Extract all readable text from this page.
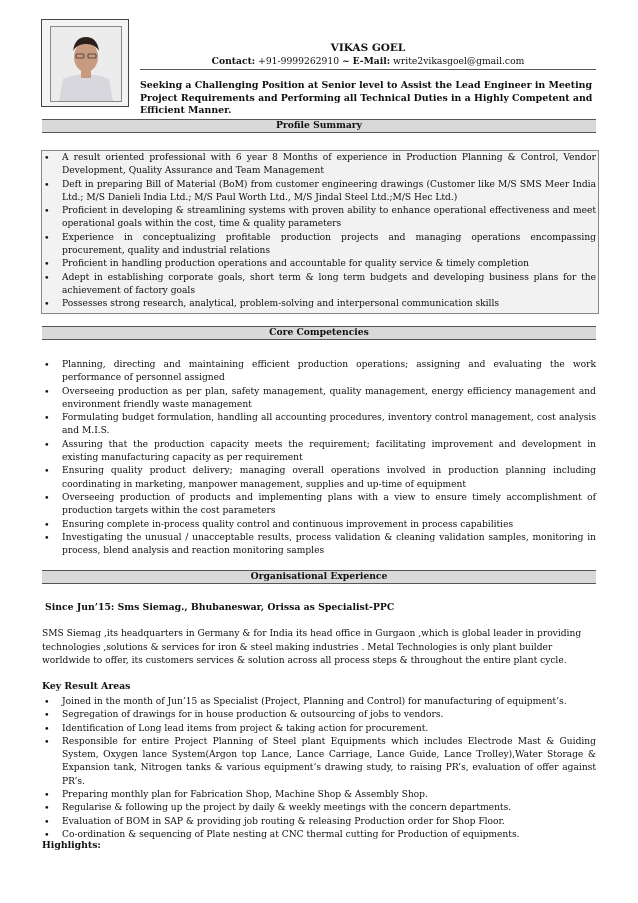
VIKAS GOEL
Contact: +91-9999262910 ~ E-Mail: write2vikasgoel@gmail.com
Seeking a Challenging Position at Senior level to Assist the Lead Engineer in Meeting Project Requirements and Performing all Technical Duties in a Highly Competent and Efficient Manner.
Profile Summary
• A result oriented professional with 6 year 8 Months of experience in Production Planning & Control, Vendor Development, Quality Assurance and Team Management
• Deft in preparing Bill of Material (BoM) from customer engineering drawings (Customer like M/S SMS Meer India Ltd.; M/S Danieli India Ltd.; M/S Paul Worth Ltd., M/S Jindal Steel Ltd.;M/S Hec Ltd.)
• Proficient in developing & streamlining systems with proven ability to enhance operational effectiveness and meet operational goals within the cost, time & quality parameters
• Experience in conceptualizing profitable production projects and managing operations encompassing procurement, quality and industrial relations
• Proficient in handling production operations and accountable for quality service & timely completion
• Adept in establishing corporate goals, short term & long term budgets and developing business plans for the achievement of factory goals
• Possesses strong research, analytical, problem-solving and interpersonal communication skills
Core Competencies
• Planning, directing and maintaining efficient production operations; assigning and evaluating the work performance of personnel assigned
• Overseeing production as per plan, safety management, quality management, energy efficiency management and environment friendly waste management
• Formulating budget formulation, handling all accounting procedures, inventory control management, cost analysis and M.I.S.
• Assuring that the production capacity meets the requirement; facilitating improvement and development in existing manufacturing capacity as per requirement
• Ensuring quality product delivery; managing overall operations involved in production planning including coordinating in marketing, manpower management, supplies and up-time of equipment
• Overseeing production of products and implementing plans with a view to ensure timely accomplishment of production targets within the cost parameters
• Ensuring complete in-process quality control and continuous improvement in process capabilities
• Investigating the unusual / unacceptable results, process validation & cleaning validation samples, monitoring in process, blend analysis and reaction monitoring samples
Organisational Experience
Since Jun’15: Sms Siemag., Bhubaneswar, Orissa as Specialist-PPC
SMS Siemag ,its headquarters in Germany & for India its head office in Gurgaon ,which is global leader in providing technologies ,solutions & services for iron & steel making industries . Metal Technologies is only plant builder worldwide to offer, its customers services & solution across all process steps & throughout the entire plant cycle.
Key Result Areas
• Joined in the month of Jun’15 as Specialist (Project, Planning and Control) for manufacturing of equipment’s.
• Segregation of drawings for in house production & outsourcing of jobs to vendors.
• Identification of Long lead items from project & taking action for procurement.
• Responsible for entire Project Planning of Steel plant Equipments which includes Electrode Mast & Guiding System, Oxygen lance System(Argon top Lance, Lance Carriage, Lance Guide, Lance Trolley),Water Storage & Expansion tank, Nitrogen tanks & various equipment’s drawing study, to raising PR’s, evaluation of offer against PR’s.
• Preparing monthly plan for Fabrication Shop, Machine Shop & Assembly Shop.
• Regularise & following up the project by daily & weekly meetings with the concern departments.
• Evaluation of BOM in SAP & providing job routing & releasing Production order for Shop Floor.
• Co-ordination & sequencing of Plate nesting at CNC thermal cutting for Production of equipments.
Highlights:
